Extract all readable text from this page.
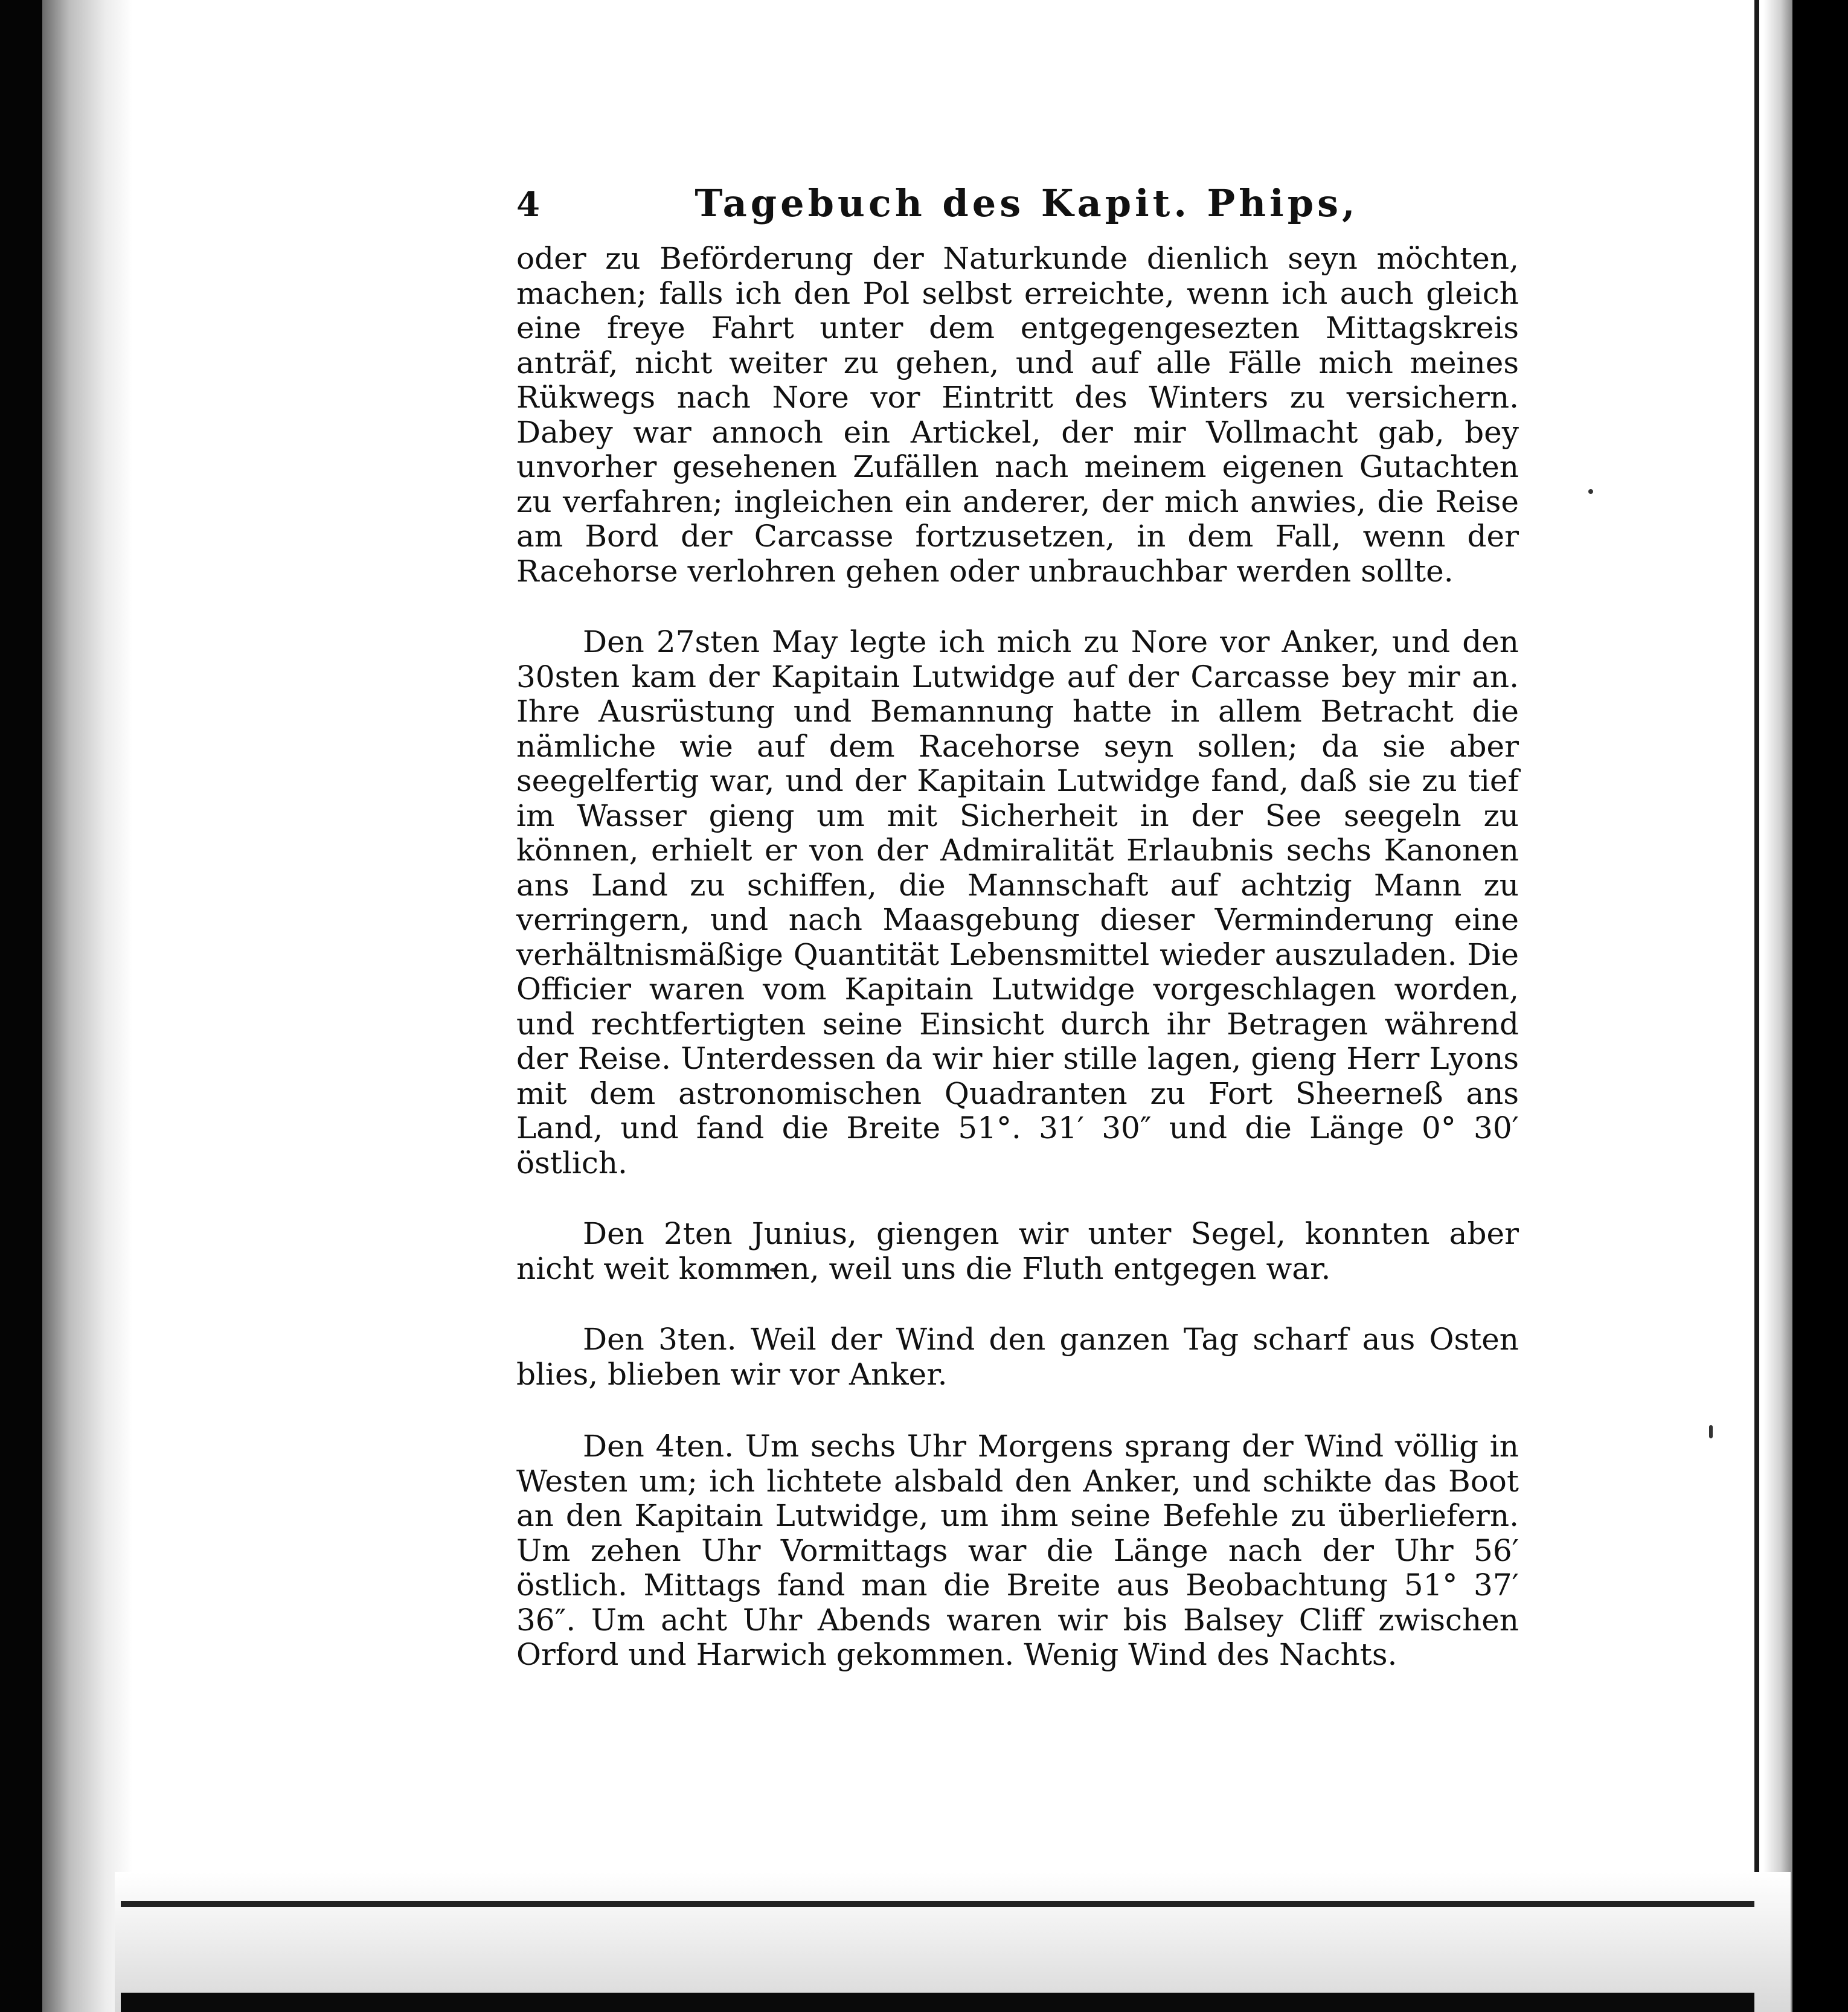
4	Tagebuch des Kapit. Phips,

oder zu Beförderung der Naturkunde dienlich seyn möchten, machen; falls ich den Pol selbst erreichte, wenn ich auch gleich eine freye Fahrt unter dem entgegengesezten Mittagskreis anträf, nicht weiter zu gehen, und auf alle Fälle mich meines Rükwegs nach Nore vor Eintritt des Winters zu versichern. Dabey war annoch ein Artickel, der mir Vollmacht gab, bey unvorher gesehenen Zufällen nach meinem eigenen Gutachten zu verfahren; ingleichen ein anderer, der mich anwies, die Reise am Bord der Carcasse fortzusetzen, in dem Fall, wenn der Racehorse verlohren gehen oder unbrauchbar werden sollte.

Den 27sten May legte ich mich zu Nore vor Anker, und den 30sten kam der Kapitain Lutwidge auf der Carcasse bey mir an. Ihre Ausrüstung und Bemannung hatte in allem Betracht die nämliche wie auf dem Racehorse seyn sollen; da sie aber seegelfertig war, und der Kapitain Lutwidge fand, daß sie zu tief im Wasser gieng um mit Sicherheit in der See seegeln zu können, erhielt er von der Admiralität Erlaubnis sechs Kanonen ans Land zu schiffen, die Mannschaft auf achtzig Mann zu verringern, und nach Maasgebung dieser Verminderung eine verhältnismäßige Quantität Lebensmittel wieder auszuladen. Die Officier waren vom Kapitain Lutwidge vorgeschlagen worden, und rechtfertigten seine Einsicht durch ihr Betragen während der Reise. Unterdessen da wir hier stille lagen, gieng Herr Lyons mit dem astronomischen Quadranten zu Fort Sheerneß ans Land, und fand die Breite 51°. 31′ 30″ und die Länge 0° 30′ östlich.

Den 2ten Junius, giengen wir unter Segel, konnten aber nicht weit kommen, weil uns die Fluth entgegen war.

Den 3ten. Weil der Wind den ganzen Tag scharf aus Osten blies, blieben wir vor Anker.

Den 4ten. Um sechs Uhr Morgens sprang der Wind völlig in Westen um; ich lichtete alsbald den Anker, und schikte das Boot an den Kapitain Lutwidge, um ihm seine Befehle zu überliefern. Um zehen Uhr Vormittags war die Länge nach der Uhr 56′ östlich. Mittags fand man die Breite aus Beobachtung 51° 37′ 36″. Um acht Uhr Abends waren wir bis Balsey Cliff zwischen Orford und Harwich gekommen. Wenig Wind des Nachts.
